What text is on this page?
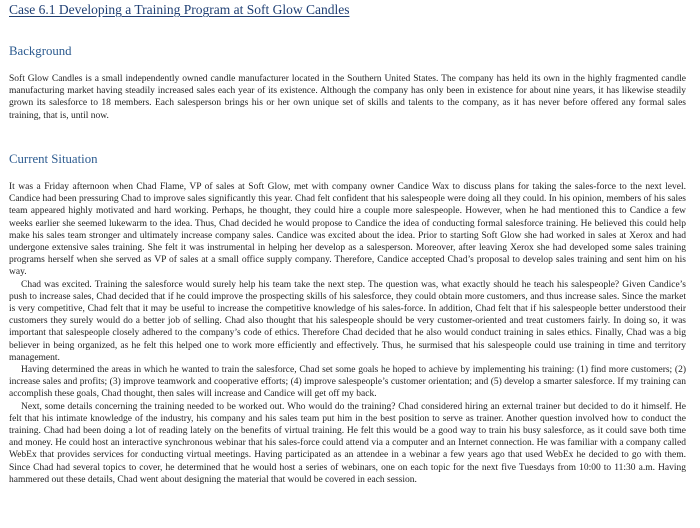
Case 6.1 Developing a Training Program at Soft Glow Candles
Background

Soft Glow Candles is a small independently owned candle manufacturer located in the Southern United States. The company has held its own in the highly fragmented candle manufacturing market having steadily increased sales each year of its existence. Although the company has only been in existence for about nine years, it has likewise steadily grown its salesforce to 18 members. Each salesperson brings his or her own unique set of skills and talents to the company, as it has never before offered any formal sales training, that is, until now.

Current Situation

It was a Friday afternoon when Chad Flame, VP of sales at Soft Glow, met with company owner Candice Wax to discuss plans for taking the sales-force to the next level. Candice had been pressuring Chad to improve sales significantly this year. Chad felt confident that his salespeople were doing all they could. In his opinion, members of his sales team appeared highly motivated and hard working. Perhaps, he thought, they could hire a couple more salespeople. However, when he had mentioned this to Candice a few weeks earlier she seemed lukewarm to the idea. Thus, Chad decided he would propose to Candice the idea of conducting formal salesforce training. He believed this could help make his sales team stronger and ultimately increase company sales. Candice was excited about the idea. Prior to starting Soft Glow she had worked in sales at Xerox and had undergone extensive sales training. She felt it was instrumental in helping her develop as a salesperson. Moreover, after leaving Xerox she had developed some sales training programs herself when she served as VP of sales at a small office supply company. Therefore, Candice accepted Chad’s proposal to develop sales training and sent him on his way.

Chad was excited. Training the salesforce would surely help his team take the next step. The question was, what exactly should he teach his salespeople? Given Candice’s push to increase sales, Chad decided that if he could improve the prospecting skills of his salesforce, they could obtain more customers, and thus increase sales. Since the market is very competitive, Chad felt that it may be useful to increase the competitive knowledge of his sales-force. In addition, Chad felt that if his salespeople better understood their customers they surely would do a better job of selling. Chad also thought that his salespeople should be very customer-oriented and treat customers fairly. In doing so, it was important that salespeople closely adhered to the company’s code of ethics. Therefore Chad decided that he also would conduct training in sales ethics. Finally, Chad was a big believer in being organized, as he felt this helped one to work more efficiently and effectively. Thus, he surmised that his salespeople could use training in time and territory management.

Having determined the areas in which he wanted to train the salesforce, Chad set some goals he hoped to achieve by implementing his training: (1) find more customers; (2) increase sales and profits; (3) improve teamwork and cooperative efforts; (4) improve salespeople’s customer orientation; and (5) develop a smarter salesforce. If my training can accomplish these goals, Chad thought, then sales will increase and Candice will get off my back.

Next, some details concerning the training needed to be worked out. Who would do the training? Chad considered hiring an external trainer but decided to do it himself. He felt that his intimate knowledge of the industry, his company and his sales team put him in the best position to serve as trainer. Another question involved how to conduct the training. Chad had been doing a lot of reading lately on the benefits of virtual training. He felt this would be a good way to train his busy salesforce, as it could save both time and money. He could host an interactive synchronous webinar that his sales-force could attend via a computer and an Internet connection. He was familiar with a company called WebEx that provides services for conducting virtual meetings. Having participated as an attendee in a webinar a few years ago that used WebEx he decided to go with them. Since Chad had several topics to cover, he determined that he would host a series of webinars, one on each topic for the next five Tuesdays from 10:00 to 11:30 a.m. Having hammered out these details, Chad went about designing the material that would be covered in each session.
